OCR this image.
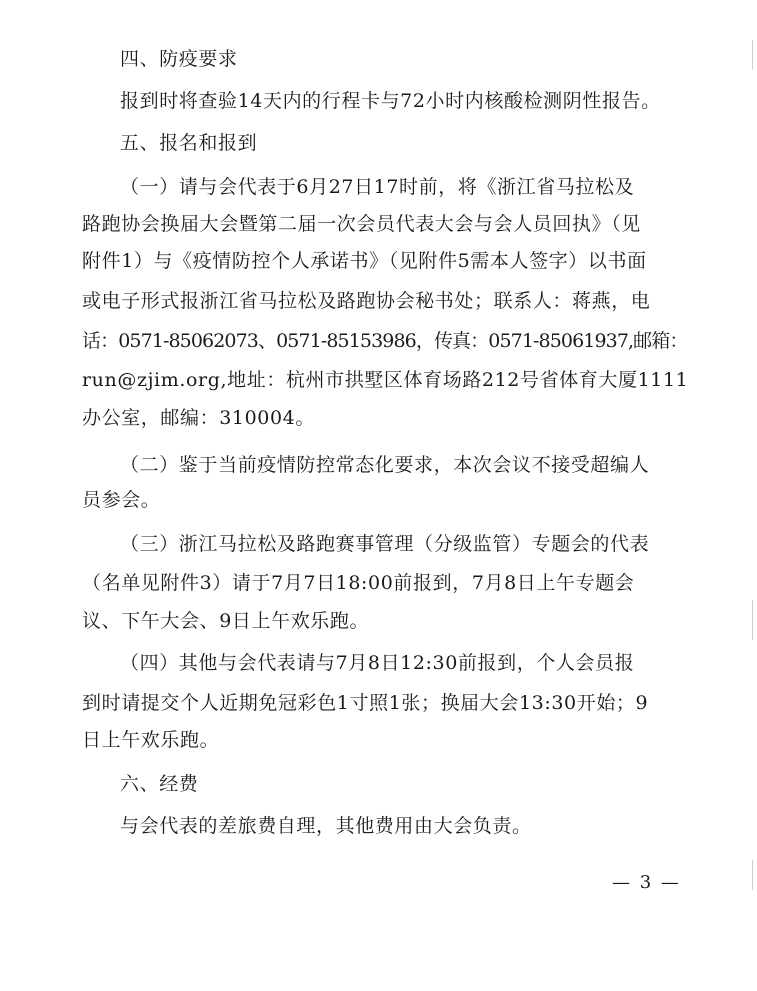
四、防疫要求
报到时将查验14天内的行程卡与72小时内核酸检测阴性报告。
五、报名和报到
（一）请与会代表于6月27日17时前，将《浙江省马拉松及
路跑协会换届大会暨第二届一次会员代表大会与会人员回执》（见
附件1）与《疫情防控个人承诺书》（见附件5需本人签字）以书面
或电子形式报浙江省马拉松及路跑协会秘书处；联系人：蒋燕，电
话：0571-85062073、0571-85153986，传真：0571-85061937,邮箱：
run@zjim.org,地址：杭州市拱墅区体育场路212号省体育大厦1111
办公室，邮编：310004。
（二）鉴于当前疫情防控常态化要求，本次会议不接受超编人
员参会。
（三）浙江马拉松及路跑赛事管理（分级监管）专题会的代表
（名单见附件3）请于7月7日18:00前报到，7月8日上午专题会
议、下午大会、9日上午欢乐跑。
（四）其他与会代表请与7月8日12:30前报到，个人会员报
到时请提交个人近期免冠彩色1寸照1张；换届大会13:30开始；9
日上午欢乐跑。
六、经费
与会代表的差旅费自理，其他费用由大会负责。
— 3 —
